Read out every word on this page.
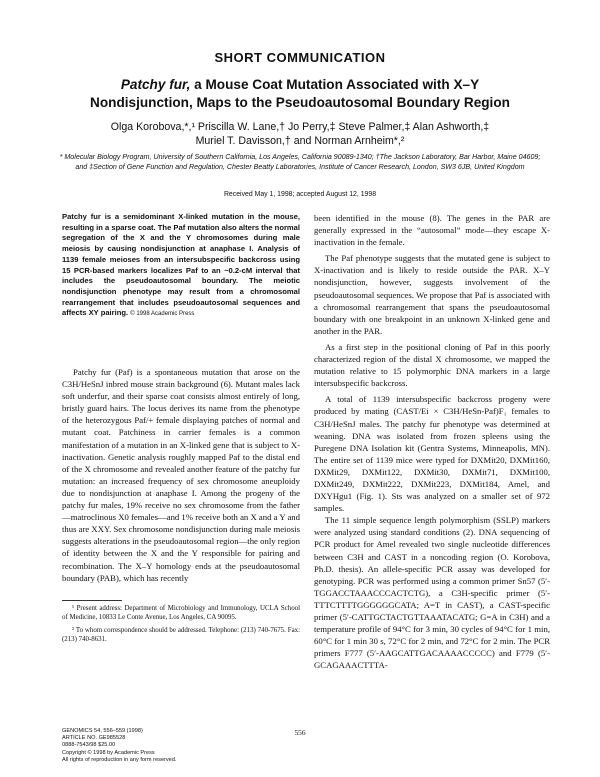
SHORT COMMUNICATION
Patchy fur, a Mouse Coat Mutation Associated with X–Y
Nondisjunction, Maps to the Pseudoautosomal Boundary Region
Olga Korobova,*,¹ Priscilla W. Lane,† Jo Perry,‡ Steve Palmer,‡ Alan Ashworth,‡
Muriel T. Davisson,† and Norman Arnheim*,²
* Molecular Biology Program, University of Southern California, Los Angeles, California 90089-1340; †The Jackson Laboratory, Bar Harbor, Maine 04609; and ‡Section of Gene Function and Regulation, Chester Beatty Laboratories, Institute of Cancer Research, London, SW3 6JB, United Kingdom
Received May 1, 1998; accepted August 12, 1998
Patchy fur is a semidominant X-linked mutation in the mouse, resulting in a sparse coat. The Paf mutation also alters the normal segregation of the X and the Y chromosomes during male meiosis by causing nondisjunction at anaphase I. Analysis of 1139 female meioses from an intersubspecific backcross using 15 PCR-based markers localizes Paf to an ~0.2-cM interval that includes the pseudoautosomal boundary. The meiotic nondisjunction phenotype may result from a chromosomal rearrangement that includes pseudoautosomal sequences and affects XY pairing. © 1998 Academic Press

Patchy fur (Paf) is a spontaneous mutation that arose on the C3H/HeSnJ inbred mouse strain background (6). Mutant males lack soft underfur, and their sparse coat consists almost entirely of long, bristly guard hairs. The locus derives its name from the phenotype of the heterozygous Paf/+ female displaying patches of normal and mutant coat. Patchiness in carrier females is a common manifestation of a mutation in an X-linked gene that is subject to X-inactivation. Genetic analysis roughly mapped Paf to the distal end of the X chromosome and revealed another feature of the patchy fur mutation: an increased frequency of sex chromosome aneuploidy due to nondisjunction at anaphase I. Among the progeny of the patchy fur males, 19% receive no sex chromosome from the father—matroclinous X0 females—and 1% receive both an X and a Y and thus are XXY. Sex chromosome nondisjunction during male meiosis suggests alterations in the pseudoautosomal region—the only region of identity between the X and the Y responsible for pairing and recombination. The X–Y homology ends at the pseudoautosomal boundary (PAB), which has recently

¹ Present address: Department of Microbiology and Immunology, UCLA School of Medicine, 10833 Le Conte Avenue, Los Angeles, CA 90095.

² To whom correspondence should be addressed. Telephone: (213) 740-7675. Fax: (213) 740-8631.

been identified in the mouse (8). The genes in the PAR are generally expressed in the “autosomal” mode—they escape X-inactivation in the female.

The Paf phenotype suggests that the mutated gene is subject to X-inactivation and is likely to reside outside the PAR. X–Y nondisjunction, however, suggests involvement of the pseudoautosomal sequences. We propose that Paf is associated with a chromosomal rearrangement that spans the pseudoautosomal boundary with one breakpoint in an unknown X-linked gene and another in the PAR.

As a first step in the positional cloning of Paf in this poorly characterized region of the distal X chromosome, we mapped the mutation relative to 15 polymorphic DNA markers in a large intersubspecific backcross.

A total of 1139 intersubspecific backcross progeny were produced by mating (CAST/Ei × C3H/HeSn-Paf)F₁ females to C3H/HeSnJ males. The patchy fur phenotype was determined at weaning. DNA was isolated from frozen spleens using the Puregene DNA Isolation kit (Gentra Systems, Minneapolis, MN). The entire set of 1139 mice were typed for DXMit20, DXMit160, DXMit29, DXMit122, DXMit30, DXMit71, DXMit100, DXMit249, DXMit222, DXMit223, DXMit184, Amel, and DXYHgu1 (Fig. 1). Sts was analyzed on a smaller set of 972 samples.

The 11 simple sequence length polymorphism (SSLP) markers were analyzed using standard conditions (2). DNA sequencing of PCR product for Amel revealed two single nucleotide differences between C3H and CAST in a noncoding region (O. Korobova, Ph.D. thesis). An allele-specific PCR assay was developed for genotyping. PCR was performed using a common primer Sn57 (5′-TGGACCTAAACCCACTCTG), a C3H-specific primer (5′-TTTCTTTTGGGGGGCATA; A=T in CAST), a CAST-specific primer (5′-CATTGCTACTGTTAAATACATG; G=A in C3H) and a temperature profile of 94°C for 3 min, 30 cycles of 94°C for 1 min, 60°C for 1 min 30 s, 72°C for 2 min, and 72°C for 2 min. The PCR primers F777 (5′-AAGCATTGACAAAACCCCC) and F779 (5′-GCAGAAACTTTA-

GENOMICS 54, 556–559 (1998)
ARTICLE NO. GE985528
0888-7543/98 $25.00
Copyright © 1998 by Academic Press
All rights of reproduction in any form reserved.
556
